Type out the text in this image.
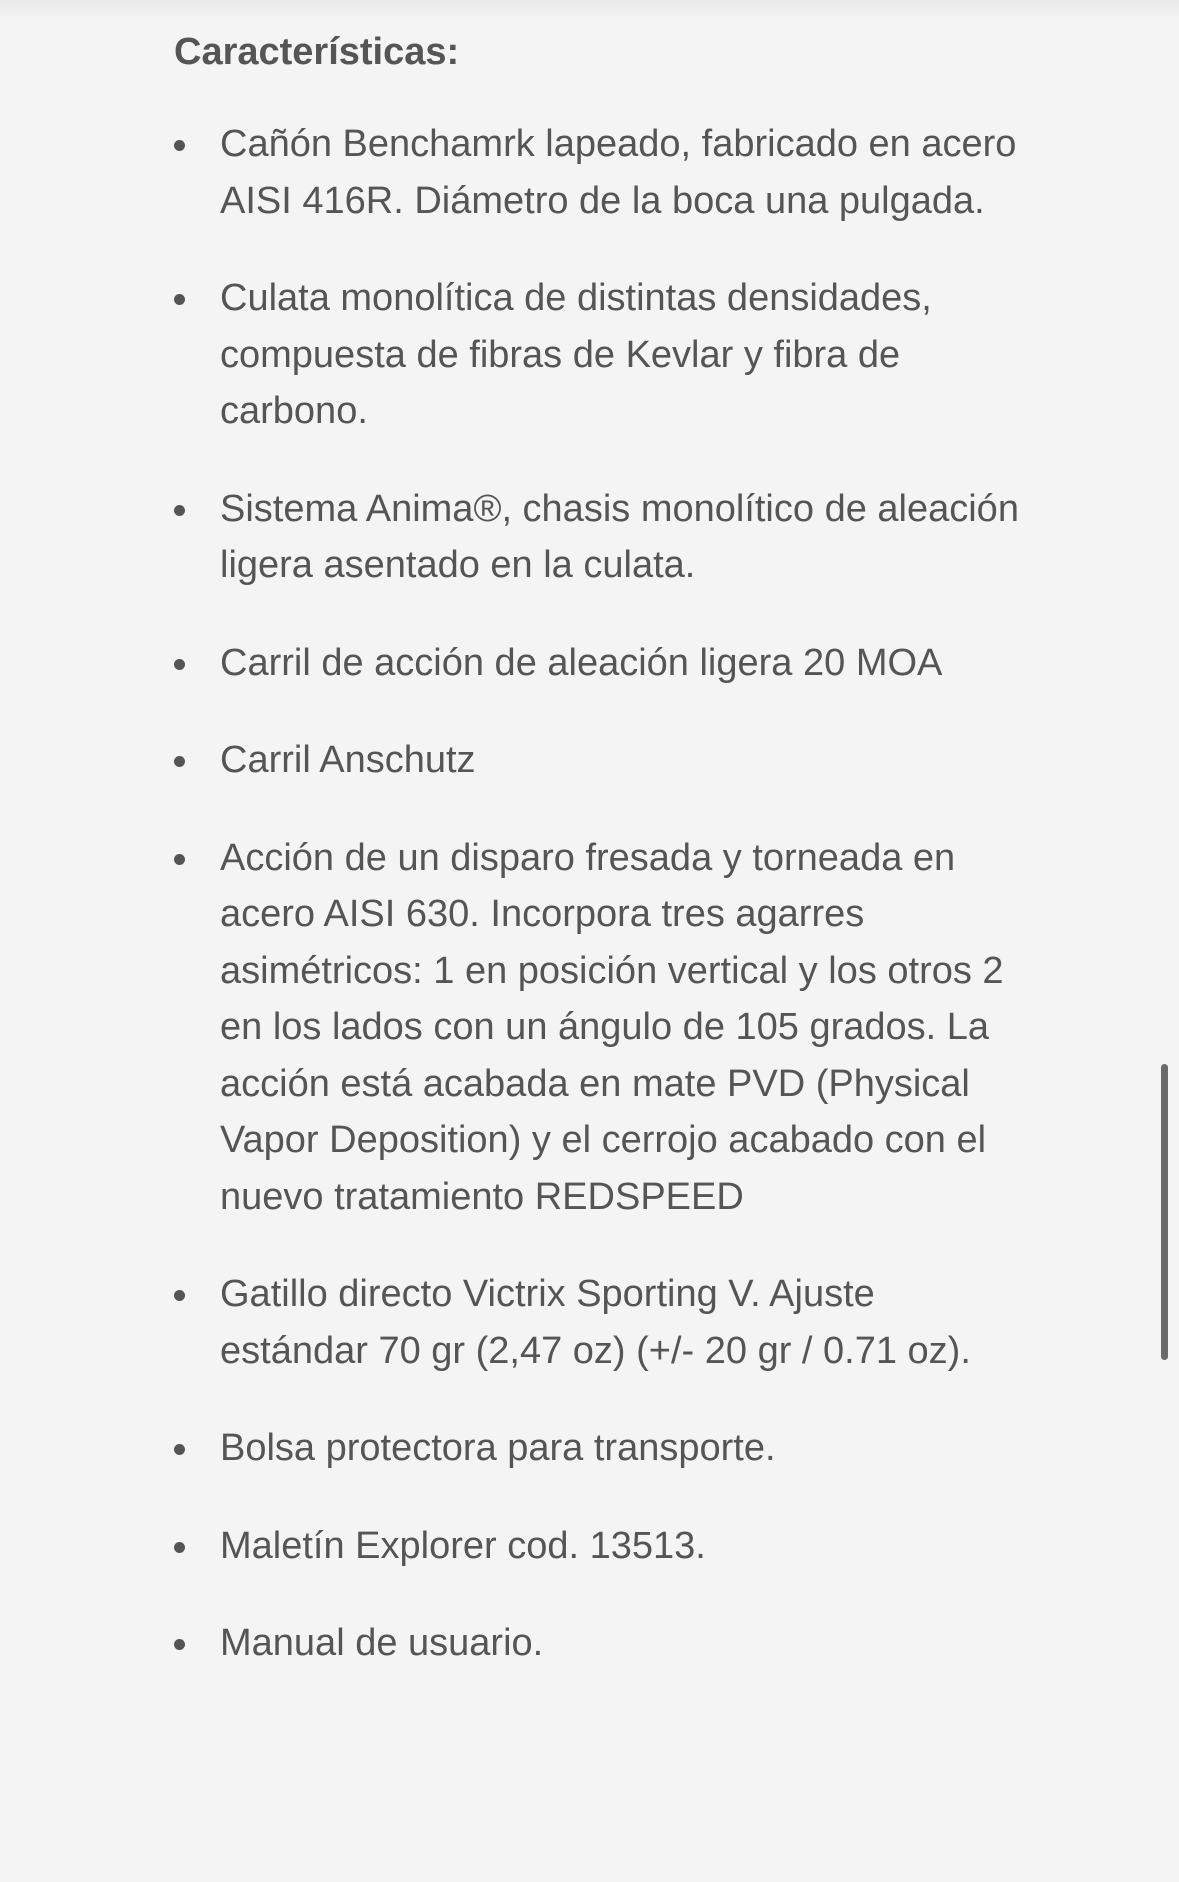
Características:
Cañón Benchamrk lapeado, fabricado en acero AISI 416R. Diámetro de la boca una pulgada.
Culata monolítica de distintas densidades, compuesta de fibras de Kevlar y fibra de carbono.
Sistema Anima®, chasis monolítico de aleación ligera asentado en la culata.
Carril de acción de aleación ligera 20 MOA
Carril Anschutz
Acción de un disparo fresada y torneada en acero AISI 630. Incorpora tres agarres asimétricos: 1 en posición vertical y los otros 2 en los lados con un ángulo de 105 grados. La acción está acabada en mate PVD (Physical Vapor Deposition) y el cerrojo acabado con el nuevo tratamiento REDSPEED
Gatillo directo Victrix Sporting V. Ajuste estándar 70 gr (2,47 oz) (+/- 20 gr / 0.71 oz).
Bolsa protectora para transporte.
Maletín Explorer cod. 13513.
Manual de usuario.
